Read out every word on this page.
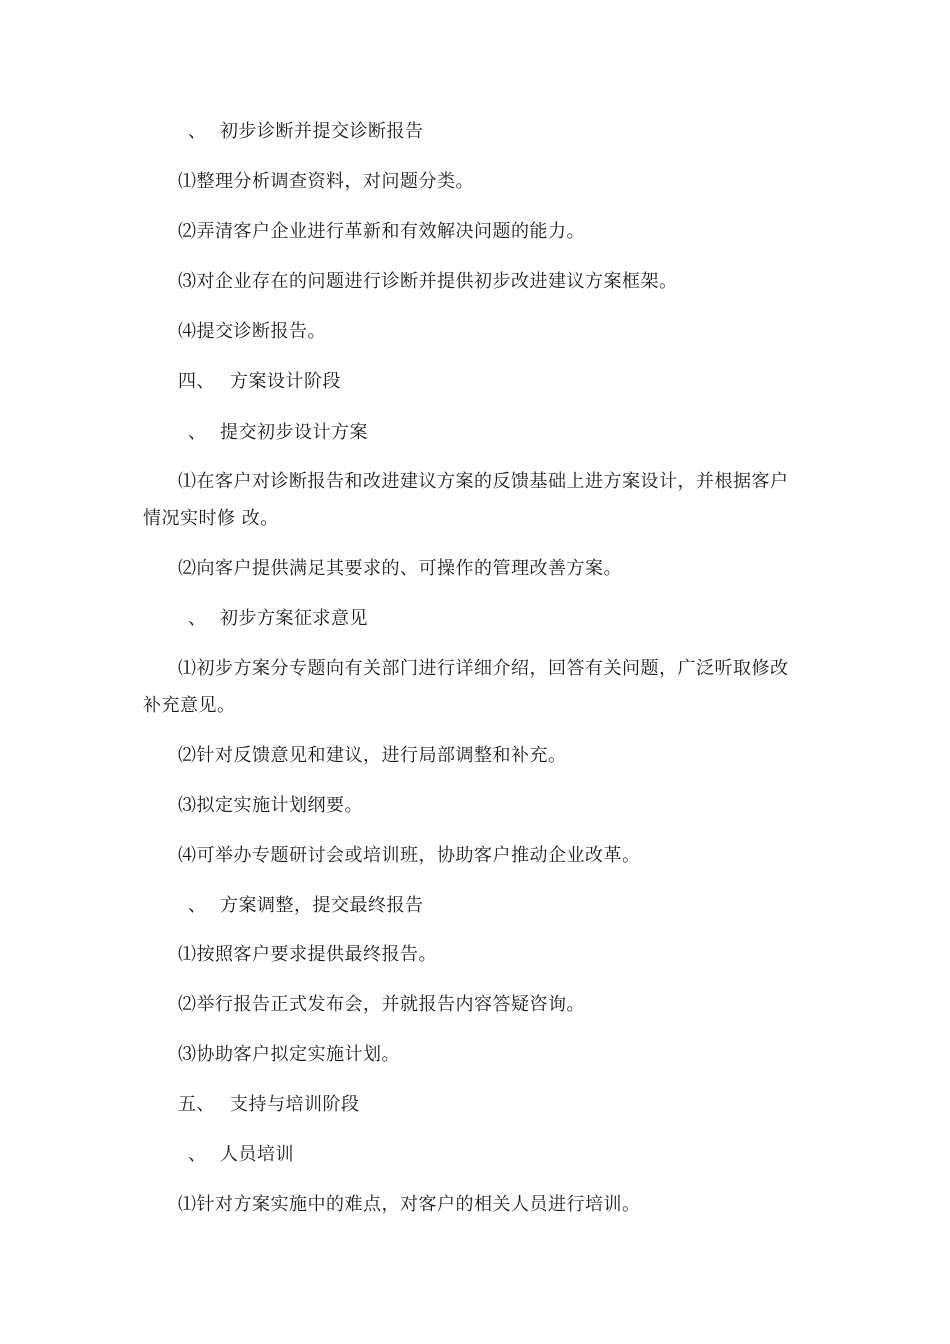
、 初步诊断并提交诊断报告
⑴整理分析调查资料，对问题分类。
⑵弄清客户企业进行革新和有效解决问题的能力。
⑶对企业存在的问题进行诊断并提供初步改进建议方案框架。
⑷提交诊断报告。
四、 方案设计阶段
、 提交初步设计方案
⑴在客户对诊断报告和改进建议方案的反馈基础上进方案设计，并根据客户
情况实时修 改。
⑵向客户提供满足其要求的、可操作的管理改善方案。
、 初步方案征求意见
⑴初步方案分专题向有关部门进行详细介绍，回答有关问题，广泛听取修改
补充意见。
⑵针对反馈意见和建议，进行局部调整和补充。
⑶拟定实施计划纲要。
⑷可举办专题研讨会或培训班，协助客户推动企业改革。
、 方案调整，提交最终报告
⑴按照客户要求提供最终报告。
⑵举行报告正式发布会，并就报告内容答疑咨询。
⑶协助客户拟定实施计划。
五、 支持与培训阶段
、 人员培训
⑴针对方案实施中的难点，对客户的相关人员进行培训。
